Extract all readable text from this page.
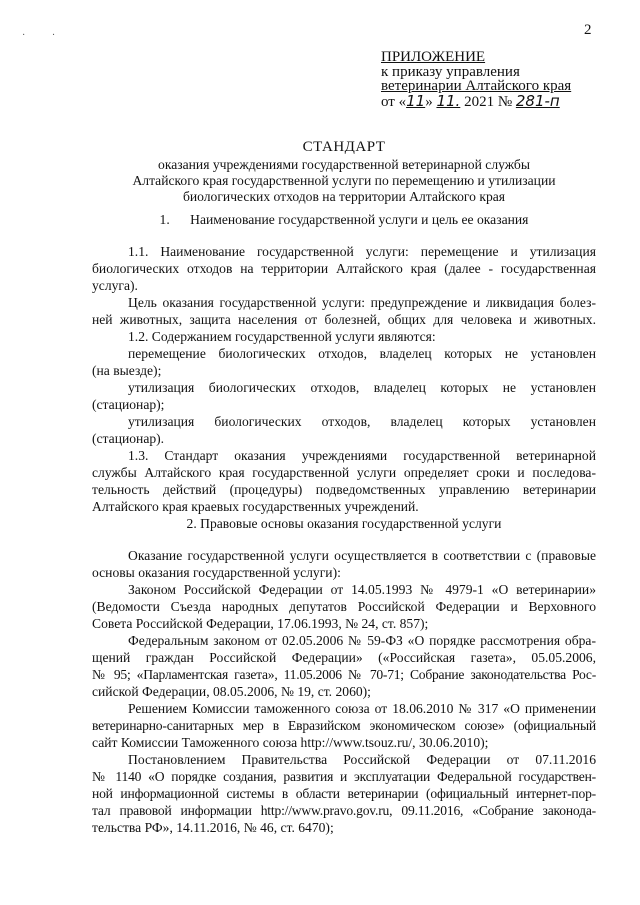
2
· ·
ПРИЛОЖЕНИЕ
к приказу управления
ветеринарии Алтайского края
от «11» 11. 2021 № 281-п
СТАНДАРТ
оказания учреждениями государственной ветеринарной службы
Алтайского края государственной услуги по перемещению и утилизации
биологических отходов на территории Алтайского края
1.      Наименование государственной услуги и цель ее оказания

1.1. Наименование государственной услуги: перемещение и утилизация

биологических отходов на территории Алтайского края (далее - государственная
услуга).

Цель оказания государственной услуги: предупреждение и ликвидация болез-
ней животных, защита населения от болезней, общих для человека и животных.

1.2. Содержанием государственной услуги являются:

перемещение биологических отходов, владелец которых не установлен
(на выезде);

утилизация биологических отходов, владелец которых не установлен
(стационар);

утилизация биологических отходов, владелец которых установлен
(стационар).

1.3. Стандарт оказания учреждениями государственной ветеринарной
службы Алтайского края государственной услуги определяет сроки и последова-
тельность действий (процедуры) подведомственных управлению ветеринарии
Алтайского края краевых государственных учреждений.

2. Правовые основы оказания государственной услуги

Оказание государственной услуги осуществляется в соответствии с (правовые
основы оказания государственной услуги):

Законом Российской Федерации от 14.05.1993 № 4979-1 «О ветеринарии»
(Ведомости Съезда народных депутатов Российской Федерации и Верховного
Совета Российской Федерации, 17.06.1993, № 24, ст. 857);

Федеральным законом от 02.05.2006 № 59-ФЗ «О порядке рассмотрения обра-
щений граждан Российской Федерации» («Российская газета», 05.05.2006,
№ 95; «Парламентская газета», 11.05.2006 № 70-71; Собрание законодательства Рос-
сийской Федерации, 08.05.2006, № 19, ст. 2060);

Решением Комиссии таможенного союза от 18.06.2010 № 317 «О применении
ветеринарно-санитарных мер в Евразийском экономическом союзе» (официальный
сайт Комиссии Таможенного союза http://www.tsouz.ru/, 30.06.2010);

Постановлением Правительства Российской Федерации от 07.11.2016
№ 1140 «О порядке создания, развития и эксплуатации Федеральной государствен-
ной информационной системы в области ветеринарии (официальный интернет-пор-
тал правовой информации http://www.pravo.gov.ru, 09.11.2016, «Собрание законода-
тельства РФ», 14.11.2016, № 46, ст. 6470);
